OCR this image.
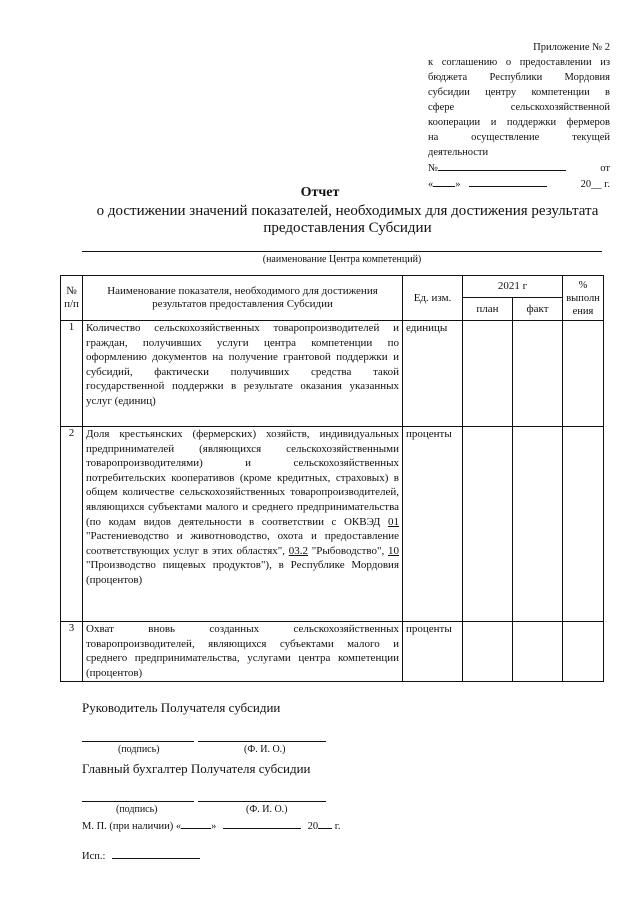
Приложение № 2
к соглашению о предоставлении из
бюджета Республики Мордовия
субсидии центру компетенции в
сфере сельскохозяйственной
кооперации и поддержки фермеров
на осуществление текущей
деятельности
№	от
« »	20__ г.
Отчет
о достижении значений показателей, необходимых для достижения результата предоставления Субсидии
(наименование Центра компетенций)
№ п/п	Наименование показателя, необходимого для достижения результатов предоставления Субсидии	Ед. изм.	2021 г		%
выполнения

			план	факт	
1	Количество сельскохозяйственных товаропроизводителей и граждан, получивших услуги центра компетенции по оформлению документов на получение грантовой поддержки и субсидий, фактически получивших средства такой государственной поддержки в результате оказания указанных услуг (единиц)	единицы			
2	Доля крестьянских (фермерских) хозяйств, индивидуальных предпринимателей (являющихся сельскохозяйственными товаропроизводителями) и сельскохозяйственных потребительских кооперативов (кроме кредитных, страховых) в общем количестве сельскохозяйственных товаропроизводителей, являющихся субъектами малого и среднего предпринимательства (по кодам видов деятельности в соответствии с ОКВЭД 01 "Растениеводство и животноводство, охота и предоставление соответствующих услуг в этих областях", 03.2 "Рыбоводство", 10 "Производство пищевых продуктов"), в Республике Мордовия (процентов)	проценты			
3	Охват вновь созданных сельскохозяйственных товаропроизводителей, являющихся субъектами малого и среднего предпринимательства, услугами центра компетенции (процентов)	проценты			
Руководитель Получателя субсидии
(подпись)	(Ф. И. О.)
Главный бухгалтер Получателя субсидии
(подпись)	(Ф. И. О.)
М. П. (при наличии) «	»	20 г.
Исп.:
